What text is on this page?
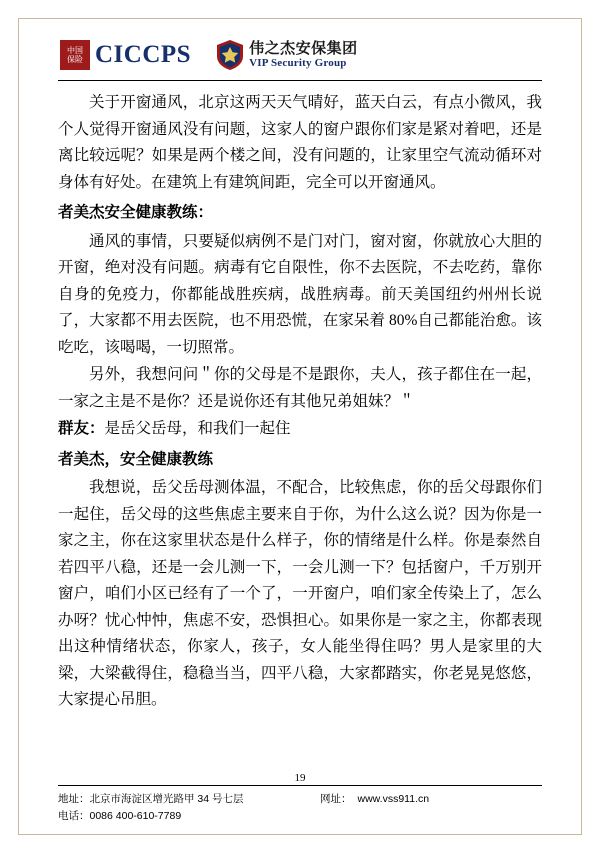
中国
保险 CICCPS	伟之杰安保集团
VIP Security Group

关于开窗通风，北京这两天天气晴好，蓝天白云，有点小微风，我个人觉得开窗通风没有问题，这家人的窗户跟你们家是紧对着吧，还是离比较远呢？如果是两个楼之间，没有问题的，让家里空气流动循环对身体有好处。在建筑上有建筑间距，完全可以开窗通风。

者美杰安全健康教练：

通风的事情，只要疑似病例不是门对门，窗对窗，你就放心大胆的开窗，绝对没有问题。病毒有它自限性，你不去医院，不去吃药，靠你自身的免疫力，你都能战胜疾病，战胜病毒。前天美国纽约州州长说了，大家都不用去医院，也不用恐慌，在家呆着 80%自己都能治愈。该吃吃，该喝喝，一切照常。

另外，我想问问＂你的父母是不是跟你，夫人，孩子都住在一起，一家之主是不是你？还是说你还有其他兄弟姐妹？＂

群友：是岳父岳母，和我们一起住

者美杰，安全健康教练

我想说，岳父岳母测体温，不配合，比较焦虑，你的岳父母跟你们一起住，岳父母的这些焦虑主要来自于你，为什么这么说？因为你是一家之主，你在这家里状态是什么样子，你的情绪是什么样。你是泰然自若四平八稳，还是一会儿测一下，一会儿测一下？包括窗户，千万别开窗户，咱们小区已经有了一个了，一开窗户，咱们家全传染上了，怎么办呀？忧心忡忡，焦虑不安，恐惧担心。如果你是一家之主，你都表现出这种情绪状态，你家人，孩子，女人能坐得住吗？男人是家里的大梁，大梁截得住，稳稳当当，四平八稳，大家都踏实，你老晃晃悠悠，大家提心吊胆。

19
地址：北京市海淀区增光路甲 34 号七层	网址： www.vss911.cn
电话： 0086 400-610-7789
